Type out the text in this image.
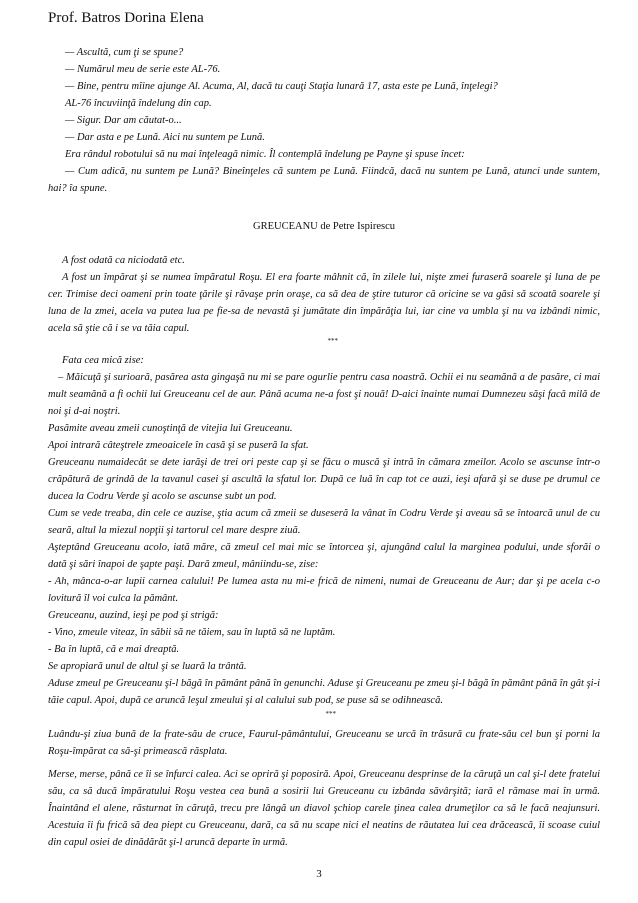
Prof. Batros Dorina Elena

— Ascultă, cum ţi se spune?

— Numărul meu de serie este AL-76.

— Bine, pentru mîine ajunge Al. Acuma, Al, dacă tu cauţi Staţia lunară 17, asta este pe Lună, înţelegi?

AL-76 încuviinţă îndelung din cap.

— Sigur. Dar am căutat-o...

— Dar asta e pe Lună. Aici nu suntem pe Lună.

Era rândul robotului să nu mai înţeleagă nimic. Îl contemplă îndelung pe Payne şi spuse încet:

— Cum adică, nu suntem pe Lună? Bineînţeles că suntem pe Lună. Fiindcă, dacă nu suntem pe Lună, atunci unde suntem, hai? îa spune.

GREUCEANU de Petre Ispirescu

A fost odată ca niciodată etc.

A fost un împărat şi se numea împăratul Roşu. El era foarte mâhnit că, în zilele lui, nişte zmei furaseră soarele şi luna de pe cer. Trimise deci oameni prin toate ţările şi răvaşe prin oraşe, ca să dea de ştire tuturor că oricine se va găsi să scoată soarele şi luna de la zmei, acela va putea lua pe fie-sa de nevastă şi jumătate din împărăţia lui, iar cine va umbla şi nu va izbândi nimic, acela să ştie că i se va tăia capul.

***

Fata cea mică zise:

– Măicuţă şi surioară, pasărea asta gingaşă nu mi se pare ogurlie pentru casa noastră. Ochii ei nu seamănă a de pasăre, ci mai mult seamănă a fi ochii lui Greuceanu cel de aur. Până acuma ne-a fost şi nouă! D-aici înainte numai Dumnezeu săşi facă milă de noi şi d-ai noştri.

Pasămite aveau zmeii cunoştinţă de vitejia lui Greuceanu.

Apoi intrară câteştrele zmeoaicele în casă şi se puseră la sfat.

Greuceanu numaidecât se dete iarăşi de trei ori peste cap şi se făcu o muscă şi intră în cămara zmeilor. Acolo se ascunse într-o crăpătură de grindă de la tavanul casei şi ascultă la sfatul lor. După ce luă în cap tot ce auzi, ieşi afară şi se duse pe drumul ce ducea la Codru Verde şi acolo se ascunse subt un pod.

Cum se vede treaba, din cele ce auzise, ştia acum că zmeii se duseseră la vânat în Codru Verde şi aveau să se întoarcă unul de cu seară, altul la miezul nopţii şi tartorul cel mare despre ziuă.

Aşteptând Greuceanu acolo, iată măre, că zmeul cel mai mic se întorcea şi, ajungând calul la marginea podului, unde sforăi o dată şi sări înapoi de şapte paşi. Dară zmeul, mâniindu-se, zise:

- Ah, mânca-o-ar lupii carnea calului! Pe lumea asta nu mi-e frică de nimeni, numai de Greuceanu de Aur; dar şi pe acela c-o lovitură îl voi culca la pământ.

Greuceanu, auzind, ieşi pe pod şi strigă:

- Vino, zmeule viteaz, în săbii să ne tăiem, sau în luptă să ne luptăm.

- Ba în luptă, că e mai dreaptă.

Se apropiară unul de altul şi se luară la trântă.

Aduse zmeul pe Greuceanu şi-l băgă în pământ până în genunchi. Aduse şi Greuceanu pe zmeu şi-l băgă în pământ până în gât şi-i tăie capul. Apoi, după ce aruncă leşul zmeului şi al calului sub pod, se puse să se odihnească.

***

Luându-şi ziua bună de la frate-său de cruce, Faurul-pământului, Greuceanu se urcă în trăsură cu frate-său cel bun şi porni la Roşu-împărat ca să-şi primească răsplata.

Merse, merse, până ce îi se înfurci calea. Aci se opriră şi poposiră. Apoi, Greuceanu desprinse de la căruţă un cal şi-l dete fratelui său, ca să ducă împăratului Roşu vestea cea bună a sosirii lui Greuceanu cu izbânda săvârşită; iară el rămase mai în urmă. Înaintând el alene, răsturnat în căruţă, trecu pre lângă un diavol şchiop carele ţinea calea drumeţilor ca să le facă neajunsuri. Acestuia îi fu frică să dea piept cu Greuceanu, dară, ca să nu scape nici el neatins de răutatea lui cea drăcească, îi scoase cuiul din capul osiei de dinădărăt şi-l aruncă departe în urmă.

3
